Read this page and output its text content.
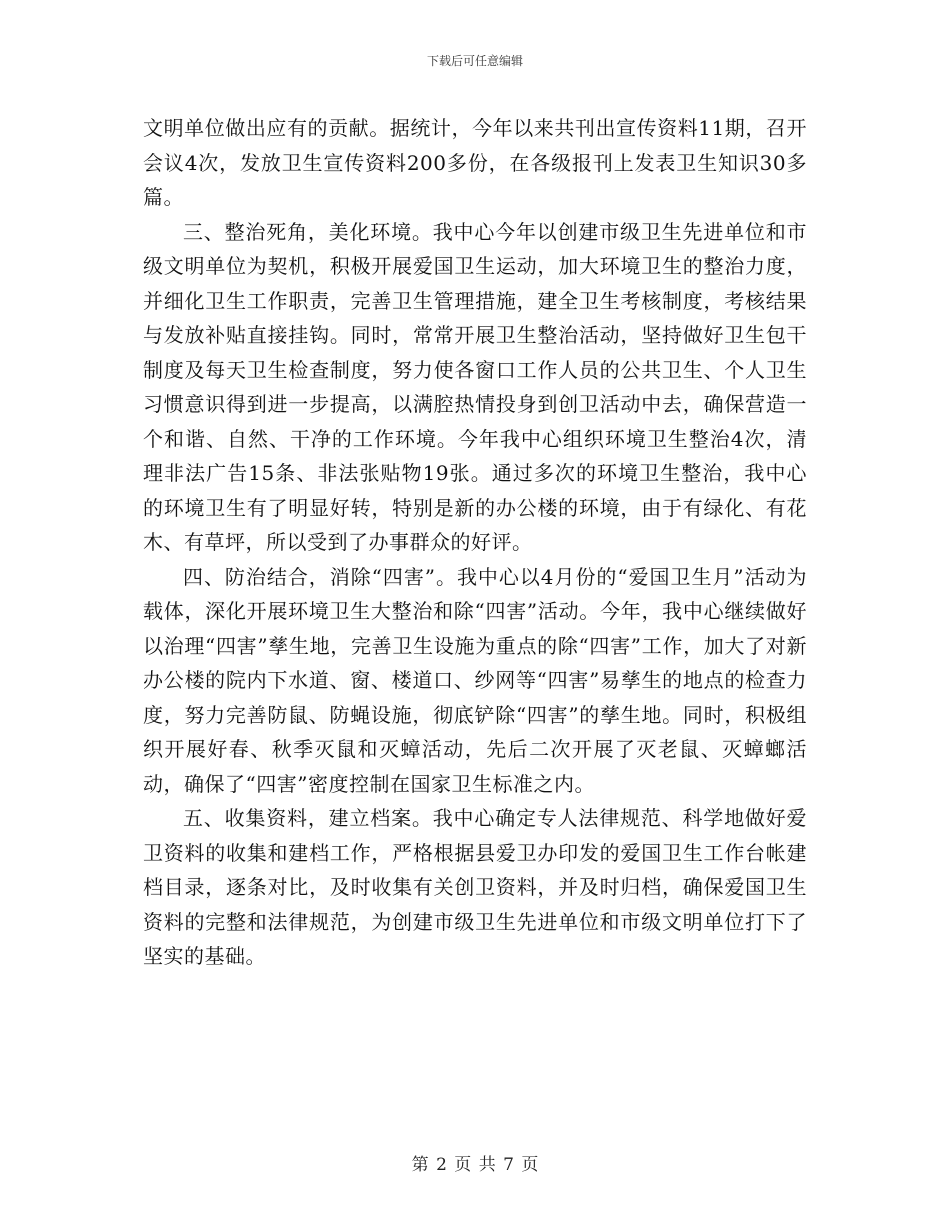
下载后可任意编辑

文明单位做出应有的贡献。据统计，今年以来共刊出宣传资料11期，召开会议4次，发放卫生宣传资料200多份，在各级报刊上发表卫生知识30多篇。

三、整治死角，美化环境。我中心今年以创建市级卫生先进单位和市级文明单位为契机，积极开展爱国卫生运动，加大环境卫生的整治力度，并细化卫生工作职责，完善卫生管理措施，建全卫生考核制度，考核结果与发放补贴直接挂钩。同时，常常开展卫生整治活动，坚持做好卫生包干制度及每天卫生检查制度，努力使各窗口工作人员的公共卫生、个人卫生习惯意识得到进一步提高，以满腔热情投身到创卫活动中去，确保营造一个和谐、自然、干净的工作环境。今年我中心组织环境卫生整治4次，清理非法广告15条、非法张贴物19张。通过多次的环境卫生整治，我中心的环境卫生有了明显好转，特别是新的办公楼的环境，由于有绿化、有花木、有草坪，所以受到了办事群众的好评。

四、防治结合，消除“四害”。我中心以4月份的“爱国卫生月”活动为载体，深化开展环境卫生大整治和除“四害”活动。今年，我中心继续做好以治理“四害”孳生地，完善卫生设施为重点的除“四害”工作，加大了对新办公楼的院内下水道、窗、楼道口、纱网等“四害”易孳生的地点的检查力度，努力完善防鼠、防蝇设施，彻底铲除“四害”的孳生地。同时，积极组织开展好春、秋季灭鼠和灭蟑活动，先后二次开展了灭老鼠、灭蟑螂活动，确保了“四害”密度控制在国家卫生标准之内。

五、收集资料，建立档案。我中心确定专人法律规范、科学地做好爱卫资料的收集和建档工作，严格根据县爱卫办印发的爱国卫生工作台帐建档目录，逐条对比，及时收集有关创卫资料，并及时归档，确保爱国卫生资料的完整和法律规范，为创建市级卫生先进单位和市级文明单位打下了坚实的基础。

第 2 页 共 7 页
